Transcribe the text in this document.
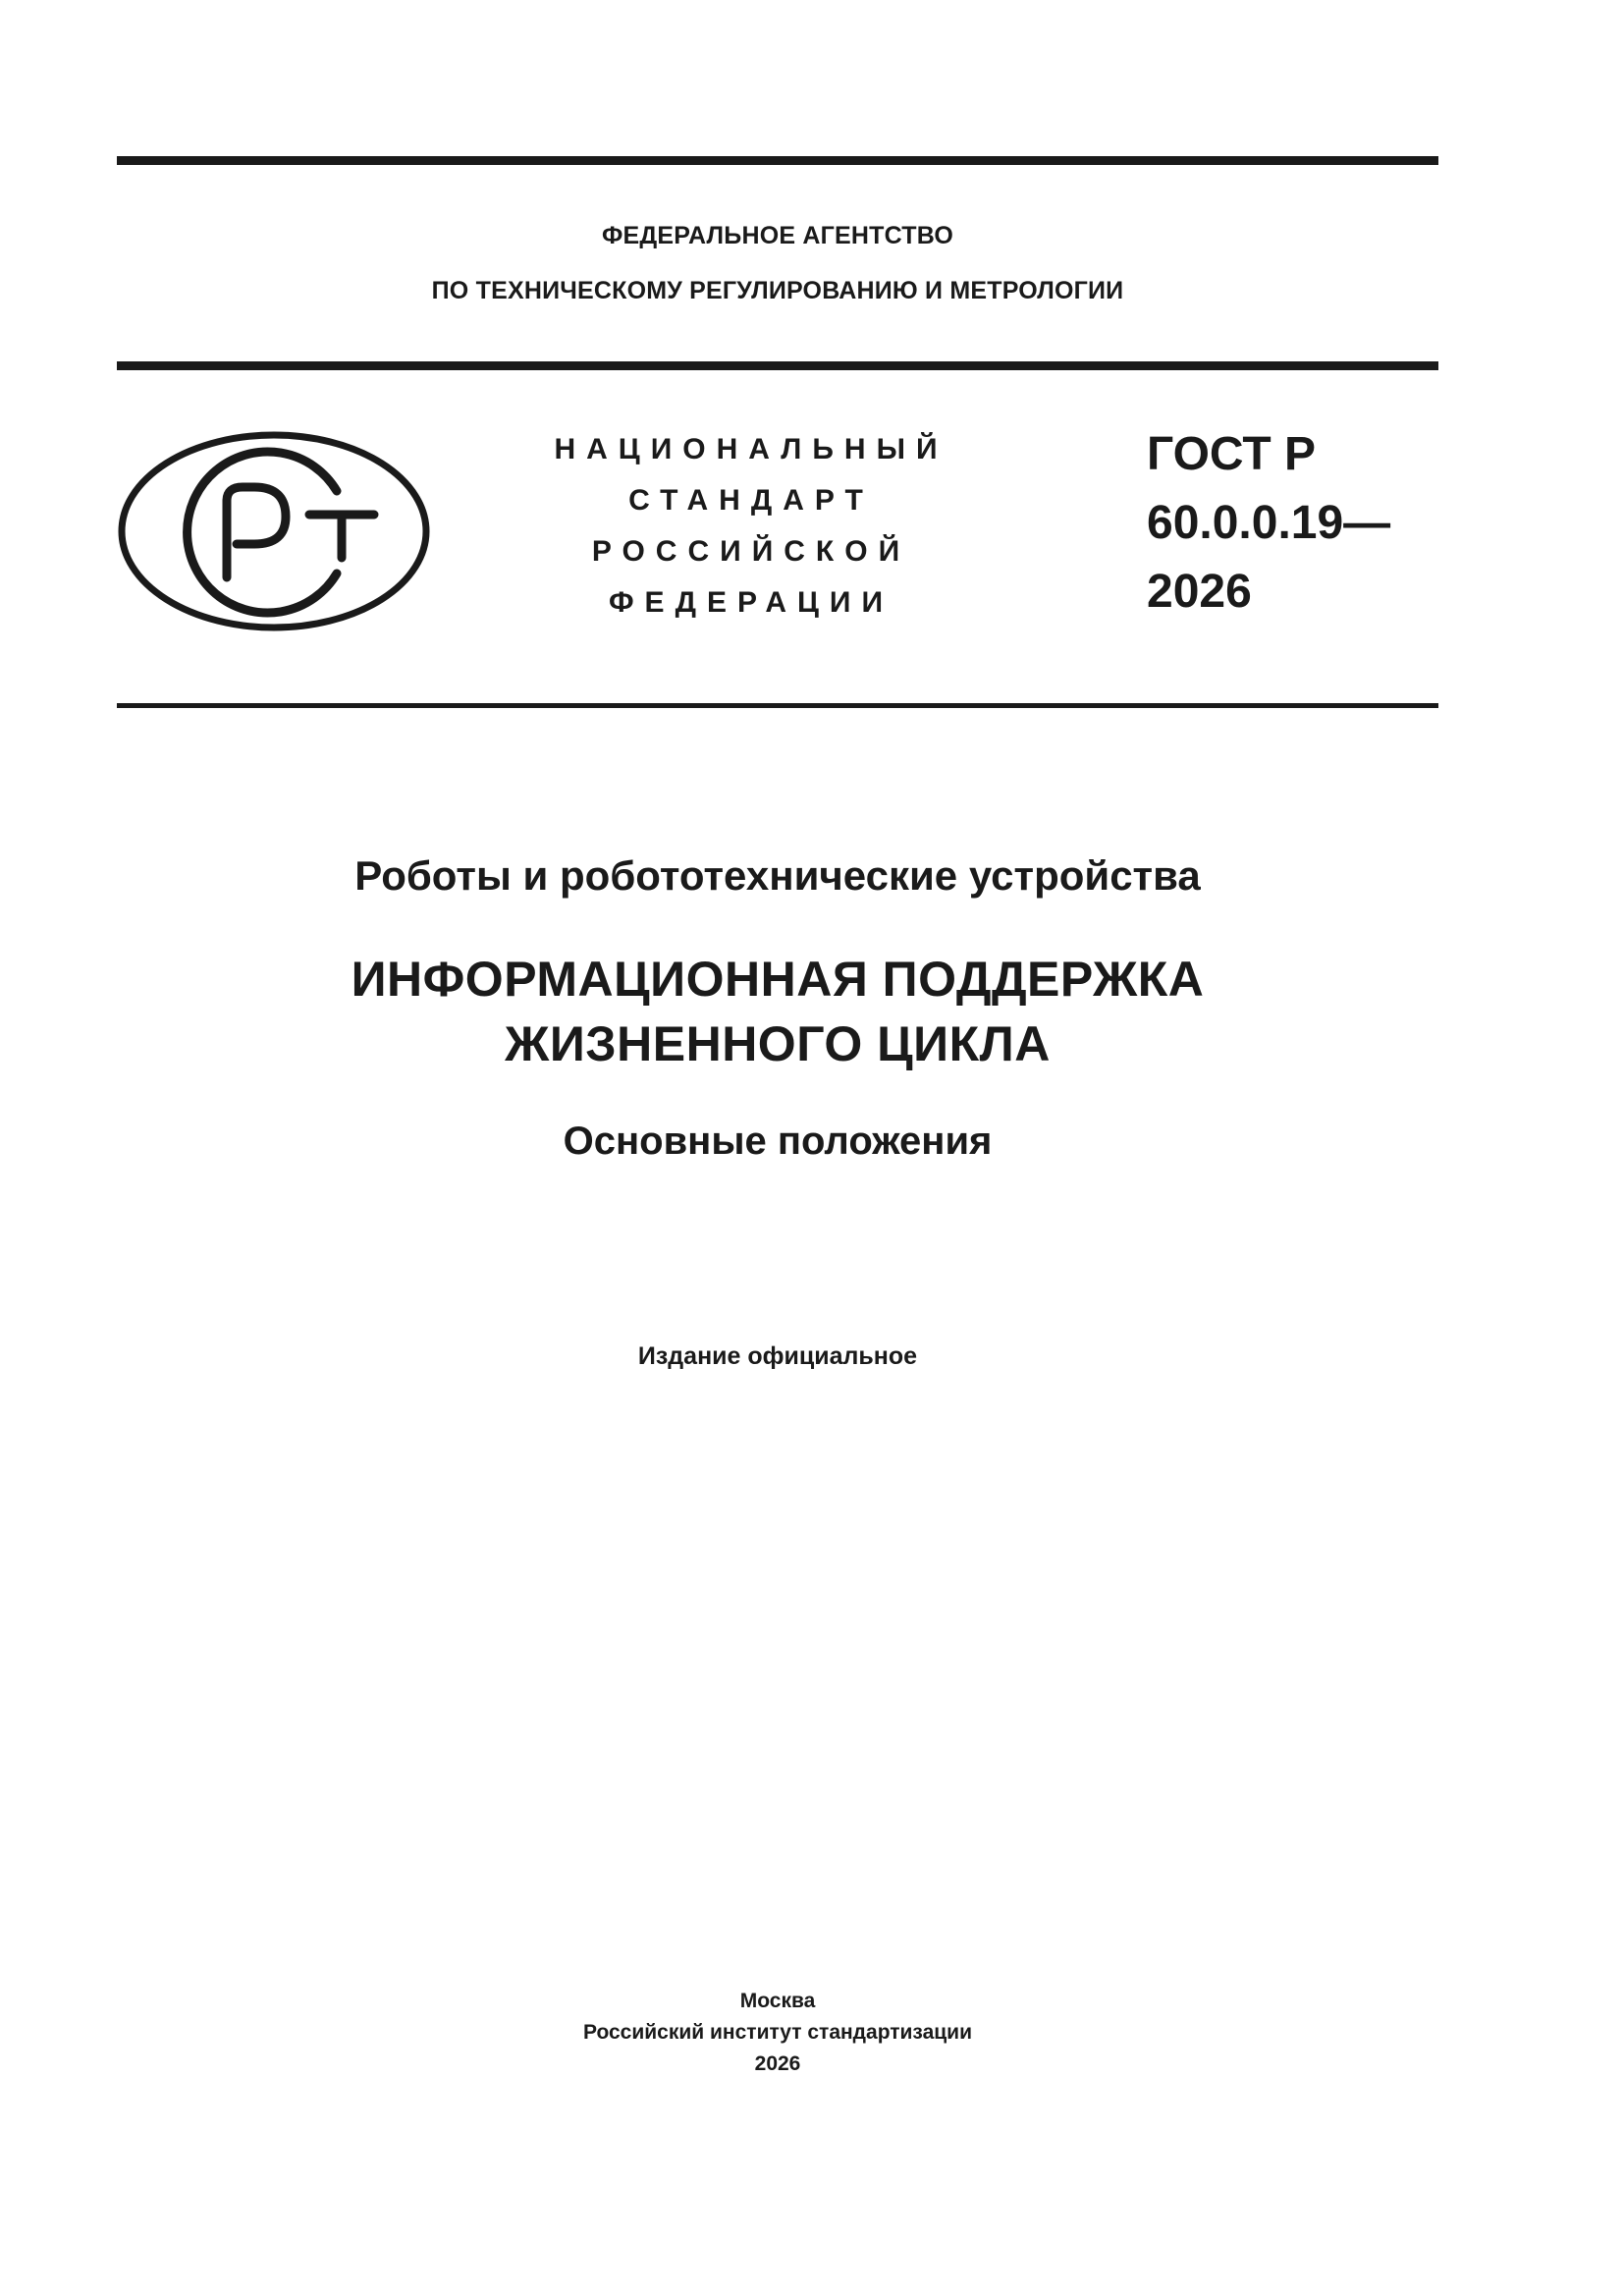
ФЕДЕРАЛЬНОЕ АГЕНТСТВО
ПО ТЕХНИЧЕСКОМУ РЕГУЛИРОВАНИЮ И МЕТРОЛОГИИ
НАЦИОНАЛЬНЫЙ
СТАНДАРТ
РОССИЙСКОЙ
ФЕДЕРАЦИИ
ГОСТ Р
60.0.0.19—
2026
Роботы и робототехнические устройства
ИНФОРМАЦИОННАЯ ПОДДЕРЖКА
ЖИЗНЕННОГО ЦИКЛА
Основные положения
Издание официальное
Москва
Российский институт стандартизации
2026
